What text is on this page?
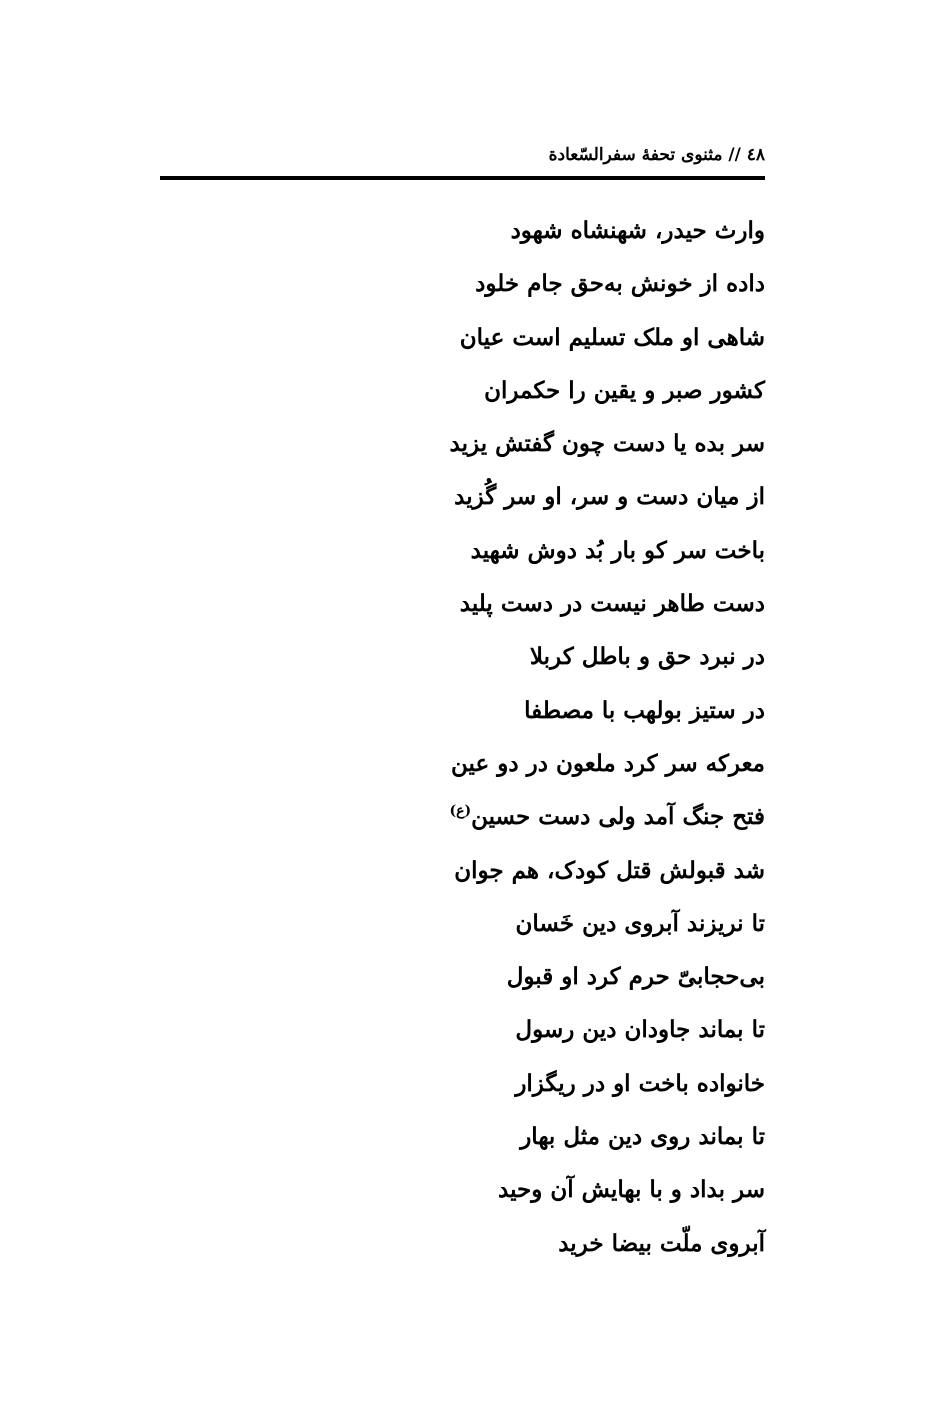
٤٨ // مثنوی تحفهٔ سفرالسّعادة
وارث حیدر، شهنشاه شهود
داده از خونش به‌حق جام خلود
شاهی او ملک تسلیم است عیان
کشور صبر و یقین را حکمران
سر بده یا دست چون گفتش یزید
از میان دست و سر، او سر گُزید
باخت سر کو بار بُد دوش شهید
دست طاهر نیست در دست پلید
در نبرد حق و باطل کربلا
در ستیز بولهب با مصطفا
معرکه سر کرد ملعون در دو عین
فتح جنگ آمد ولی دست حسین$^{(ع)}$
شد قبولش قتل کودک، هم جوان
تا نریزند آبروی دین خَسان
بی‌حجابیّ حرم کرد او قبول
تا بماند جاودان دین رسول
خانواده باخت او در ریگزار
تا بماند روی دین مثل بهار
سر بداد و با بهایش آن وحید
آبروی ملّت بیضا خرید
